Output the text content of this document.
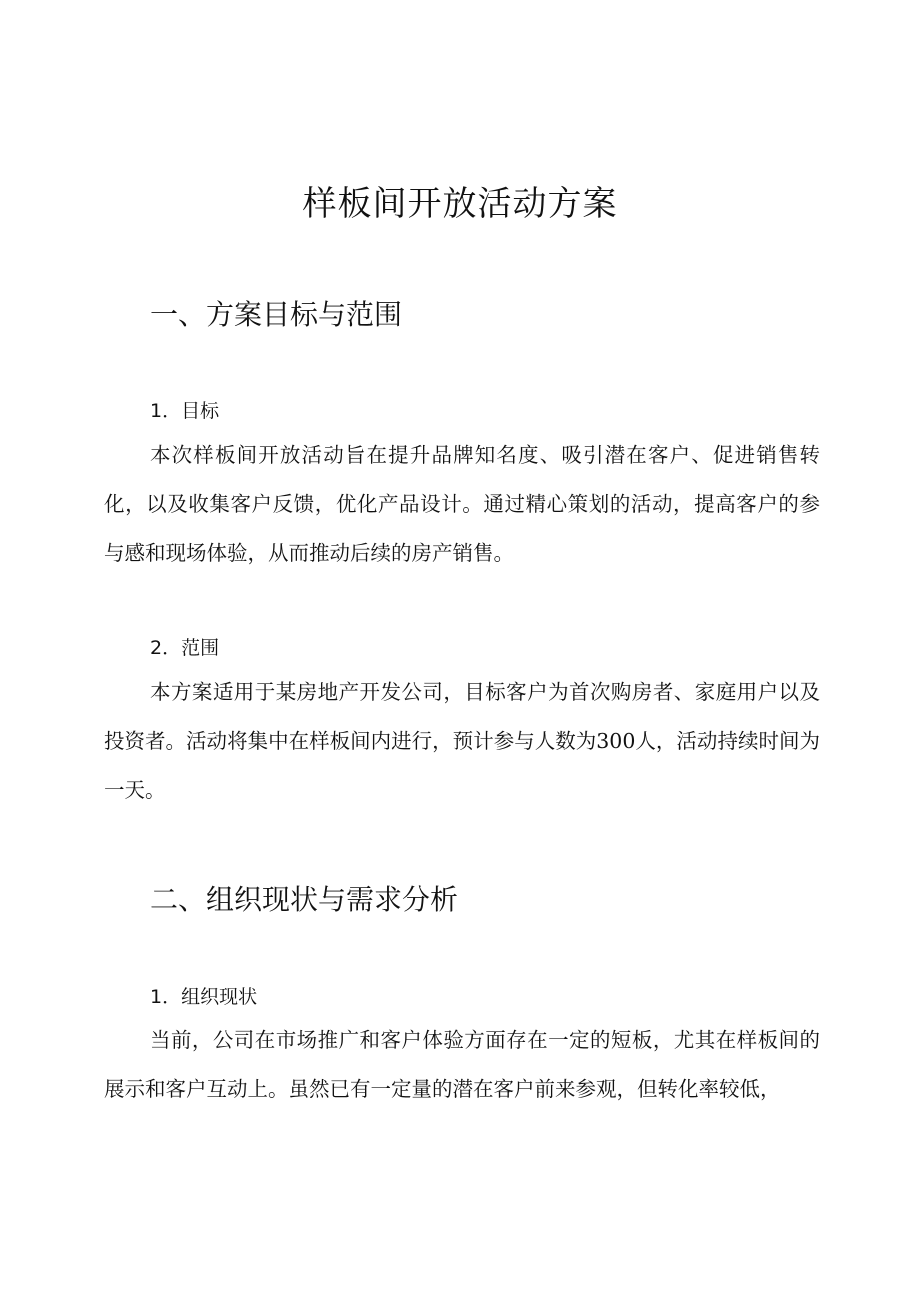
样板间开放活动方案
一、方案目标与范围
1．目标
本次样板间开放活动旨在提升品牌知名度、吸引潜在客户、促进销售转化，以及收集客户反馈，优化产品设计。通过精心策划的活动，提高客户的参与感和现场体验，从而推动后续的房产销售。
2．范围
本方案适用于某房地产开发公司，目标客户为首次购房者、家庭用户以及投资者。活动将集中在样板间内进行，预计参与人数为300人，活动持续时间为一天。
二、组织现状与需求分析
1．组织现状
当前，公司在市场推广和客户体验方面存在一定的短板，尤其在样板间的展示和客户互动上。虽然已有一定量的潜在客户前来参观，但转化率较低，
